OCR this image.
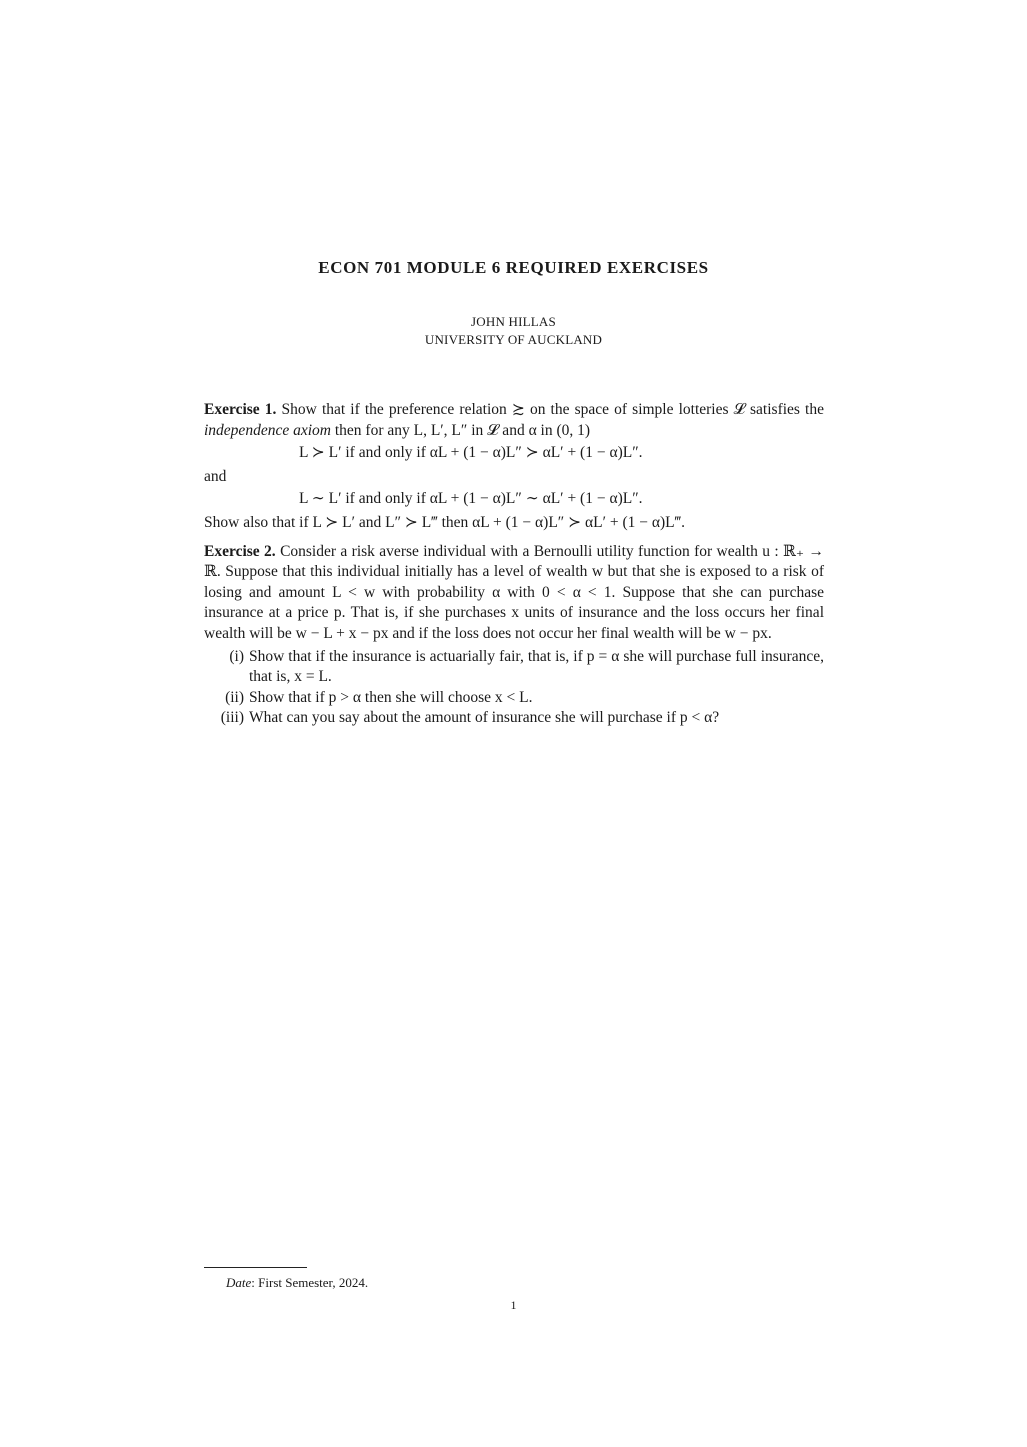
ECON 701 MODULE 6 REQUIRED EXERCISES
JOHN HILLAS
UNIVERSITY OF AUCKLAND

Exercise 1. Show that if the preference relation ≿ on the space of simple lotteries 𝓛 satisfies the independence axiom then for any L, L′, L″ in 𝓛 and α in (0, 1)

L ≻ L′ if and only if αL + (1 − α)L″ ≻ αL′ + (1 − α)L″.

and

L ∼ L′ if and only if αL + (1 − α)L″ ∼ αL′ + (1 − α)L″.

Show also that if L ≻ L′ and L″ ≻ L‴ then αL + (1 − α)L″ ≻ αL′ + (1 − α)L‴.

Exercise 2. Consider a risk averse individual with a Bernoulli utility function for wealth u : ℝ₊ → ℝ. Suppose that this individual initially has a level of wealth w but that she is exposed to a risk of losing and amount L < w with probability α with 0 < α < 1. Suppose that she can purchase insurance at a price p. That is, if she purchases x units of insurance and the loss occurs her final wealth will be w − L + x − px and if the loss does not occur her final wealth will be w − px.

(i) Show that if the insurance is actuarially fair, that is, if p = α she will purchase full insurance, that is, x = L.
(ii) Show that if p > α then she will choose x < L.
(iii) What can you say about the amount of insurance she will purchase if p < α?
Date: First Semester, 2024.
1
